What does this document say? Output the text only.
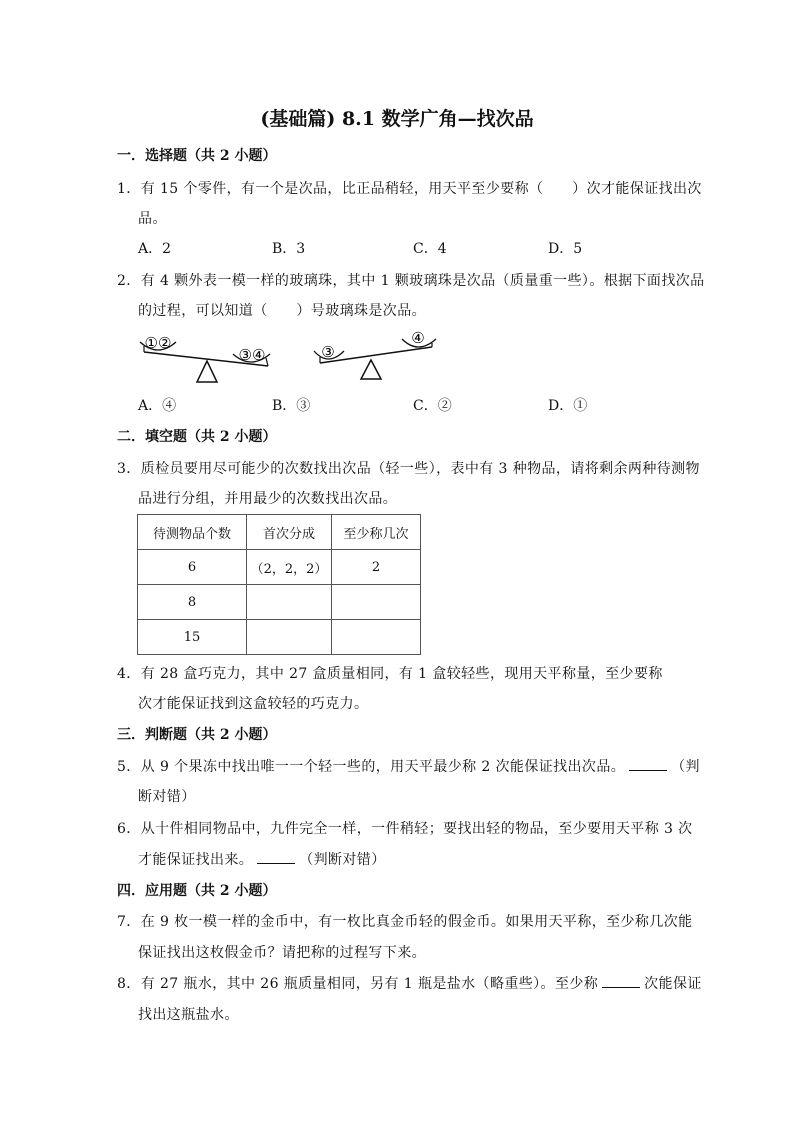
(基础篇) 8.1 数学广角—找次品
一．选择题（共 2 小题）
1．有 15 个零件，有一个是次品，比正品稍轻，用天平至少要称（　　）次才能保证找出次
品。
A．2	B．3	C．4	D．5
2．有 4 颗外表一模一样的玻璃珠，其中 1 颗玻璃珠是次品（质量重一些）。根据下面找次品
的过程，可以知道（　　）号玻璃珠是次品。
①②
③④	③
④
A．④	B．③	C．②	D．①
二．填空题（共 2 小题）
3．质检员要用尽可能少的次数找出次品（轻一些），表中有 3 种物品，请将剩余两种待测物
品进行分组，并用最少的次数找出次品。
待测物品个数	首次分成	至少称几次
6	（2，2，2）	2
8		
15		
4．有 28 盒巧克力，其中 27 盒质量相同，有 1 盒较轻些，现用天平称量，至少要称
次才能保证找到这盒较轻的巧克力。
三．判断题（共 2 小题）
5．从 9 个果冻中找出唯一一个轻一些的，用天平最少称 2 次能保证找出次品。	（判
断对错）
6．从十件相同物品中，九件完全一样，一件稍轻；要找出轻的物品，至少要用天平称 3 次
才能保证找出来。	（判断对错）
四．应用题（共 2 小题）
7．在 9 枚一模一样的金币中，有一枚比真金币轻的假金币。如果用天平称，至少称几次能
保证找出这枚假金币？请把称的过程写下来。
8．有 27 瓶水，其中 26 瓶质量相同，另有 1 瓶是盐水（略重些）。至少称	次能保证
找出这瓶盐水。
